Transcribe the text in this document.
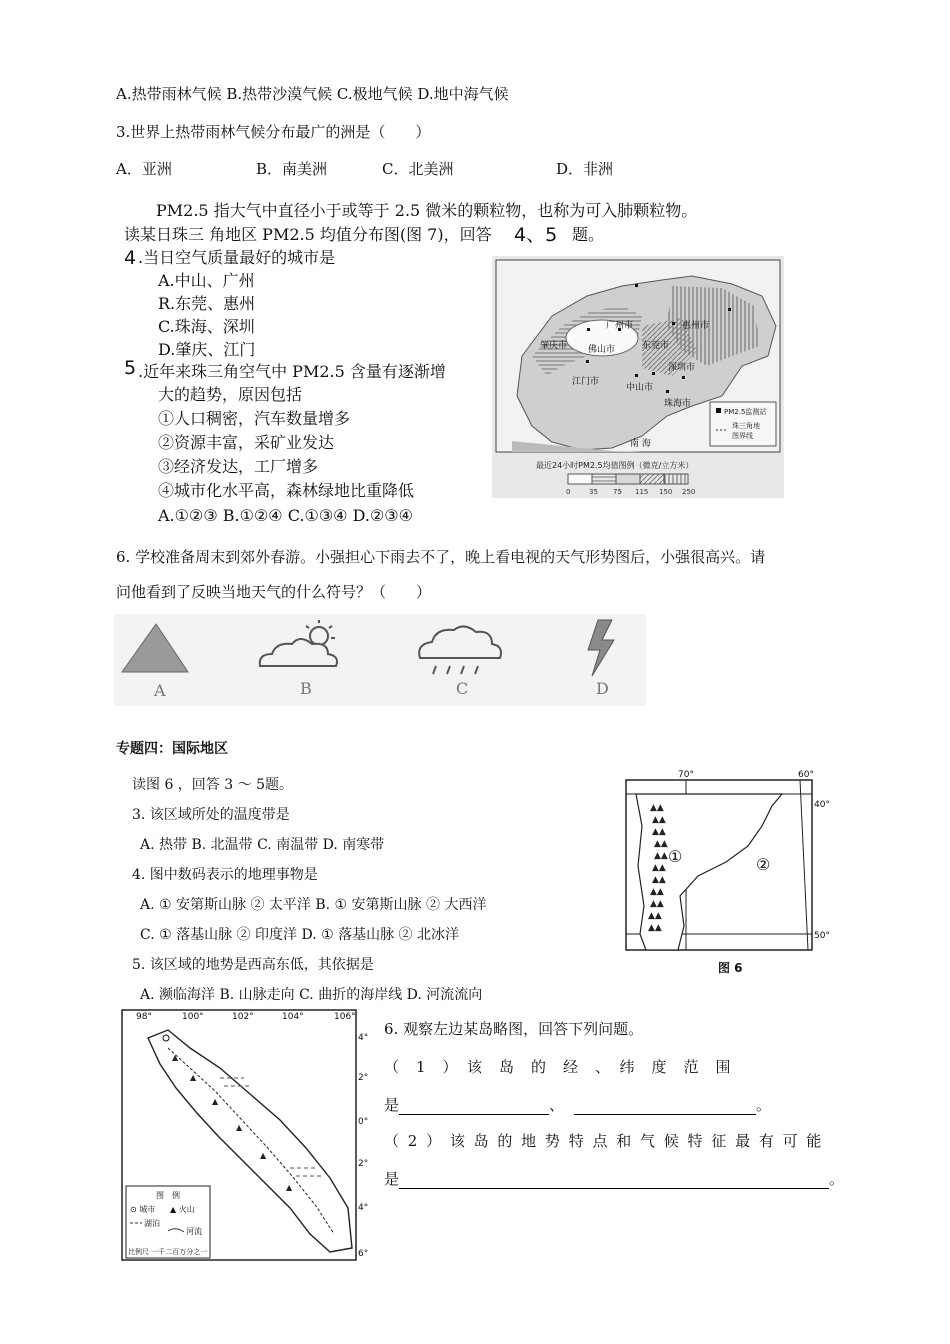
A.热带雨林气候 B.热带沙漠气候 C.极地气候 D.地中海气候
3.世界上热带雨林气候分布最广的洲是（　　）
A．亚洲	B．南美洲	C．北美洲	D．非洲
PM2.5 指大气中直径小于或等于 2.5 微米的颗粒物，也称为可入肺颗粒物。
读某日珠三 角地区 PM2.5 均值分布图(图 7)，回答 4、5 题。
4 .当日空气质量最好的城市是
A.中山、广州
R.东莞、惠州
C.珠海、深圳
D.肇庆、江门
5 .近年来珠三角空气中 PM2.5 含量有逐渐增
大的趋势，原因包括
①人口稠密，汽车数量增多
②资源丰富，采矿业发达
③经济发达，工厂增多
④城市化水平高，森林绿地比重降低
A.①②③ B.①②④ C.①③④ D.②③④
广州市	惠州市
肇庆市 佛山市	东莞市
江门市
中山市
深圳市
珠海市
南 海
PM2.5监测站
珠三角地
图界线
最近24小时PM2.5均值图例（微克/立方米）
0	35 75 115 150 250
6. 学校准备周末到郊外春游。小强担心下雨去不了，晚上看电视的天气形势图后，小强很高兴。请
问他看到了反映当地天气的什么符号？（　　）
A	B	C	D
专题四：国际地区
读图 6 ，回答 3 ～ 5题。
3. 该区域所处的温度带是
A. 热带 B. 北温带 C. 南温带 D. 南寒带
4. 图中数码表示的地理事物是
A. ① 安第斯山脉 ② 太平洋 B. ① 安第斯山脉 ② 大西洋
C. ① 落基山脉 ② 印度洋 D. ① 落基山脉 ② 北冰洋
5. 该区域的地势是西高东低，其依据是
A. 濒临海洋 B. 山脉走向 C. 曲折的海岸线 D. 河流流向
▲▲
▲▲
▲▲
▲▲
▲▲
▲▲
▲▲
▲▲
▲▲
▲▲
▲▲
①	②
70°	60°
40°
50°
图 6
98°	100°	102°	104°	106°
4°
2°
0°
2°
4°
6°
▲
▲
▲
▲
▲
▲
图　例
⊙ 城市 ▲ 火山
湖泊
河流
比例尺 一千二百万分之一
6. 观察左边某岛略图，回答下列问题。
（　1　）　该　岛　的　经　、　纬　度　范　围
是	、	。
（ 2 ） 该 岛 的 地 势 特 点 和 气 候 特 征 最 有 可 能
是	。
